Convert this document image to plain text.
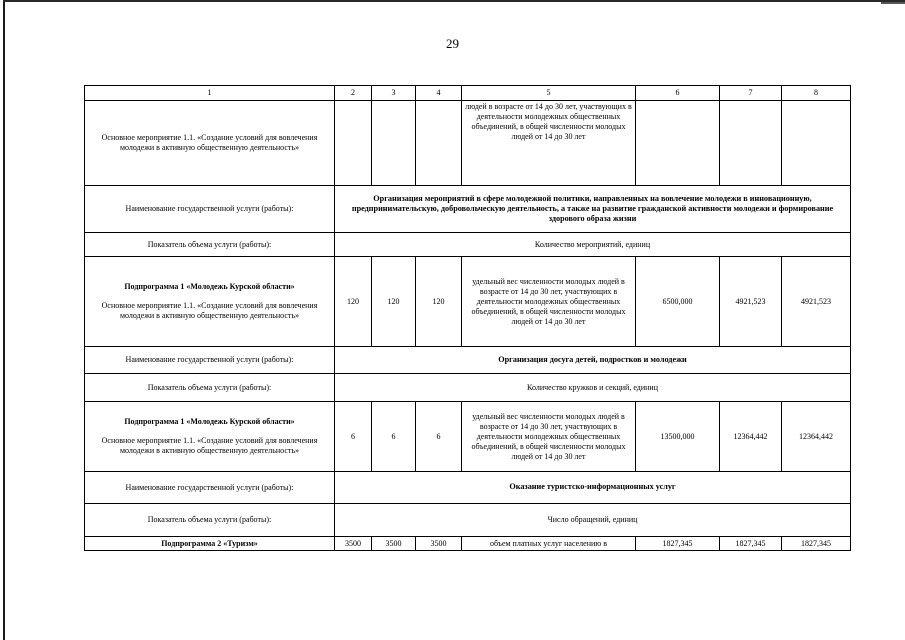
29
1	2	3	4	5	6	7	8
Основное мероприятие 1.1. «Создание условий для вовлечения молодежи в активную общественную деятельность»				людей в возрасте от 14 до 30 лет, участвующих в деятельности молодежных общественных объединений, в общей численности молодых людей от 14 до 30 лет			
Наименование государственной услуги (работы):	Организация мероприятий в сфере молодежной политики, направленных на вовлечение молодежи в инновационную, предпринимательскую, добровольческую деятельность, а также на развитие гражданской активности молодежи и формирование здорового образа жизни						
Показатель объема услуги (работы):	Количество мероприятий, единиц						
Подпрограмма 1 «Молодежь Курской области»
Основное мероприятие 1.1. «Создание условий для вовлечения молодежи в активную общественную деятельность»	120	120	120	удельный вес численности молодых людей в возрасте от 14 до 30 лет, участвующих в деятельности молодежных общественных объединений, в общей численности молодых людей от 14 до 30 лет	6500,000	4921,523	4921,523
Наименование государственной услуги (работы):	Организация досуга детей, подростков и молодежи						
Показатель объема услуги (работы):	Количество кружков и секций, единиц						
Подпрограмма 1 «Молодежь Курской области»
Основное мероприятие 1.1. «Создание условий для вовлечения молодежи в активную общественную деятельность»	6	6	6	удельный вес численности молодых людей в возрасте от 14 до 30 лет, участвующих в деятельности молодежных общественных объединений, в общей численности молодых людей от 14 до 30 лет	13500,000	12364,442	12364,442
Наименование государственной услуги (работы):	Оказание туристско-информационных услуг						
Показатель объема услуги (работы):	Число обращений, единиц						
Подпрограмма 2 «Туризм»	3500	3500	3500	объем платных услуг населению в	1827,345	1827,345	1827,345
